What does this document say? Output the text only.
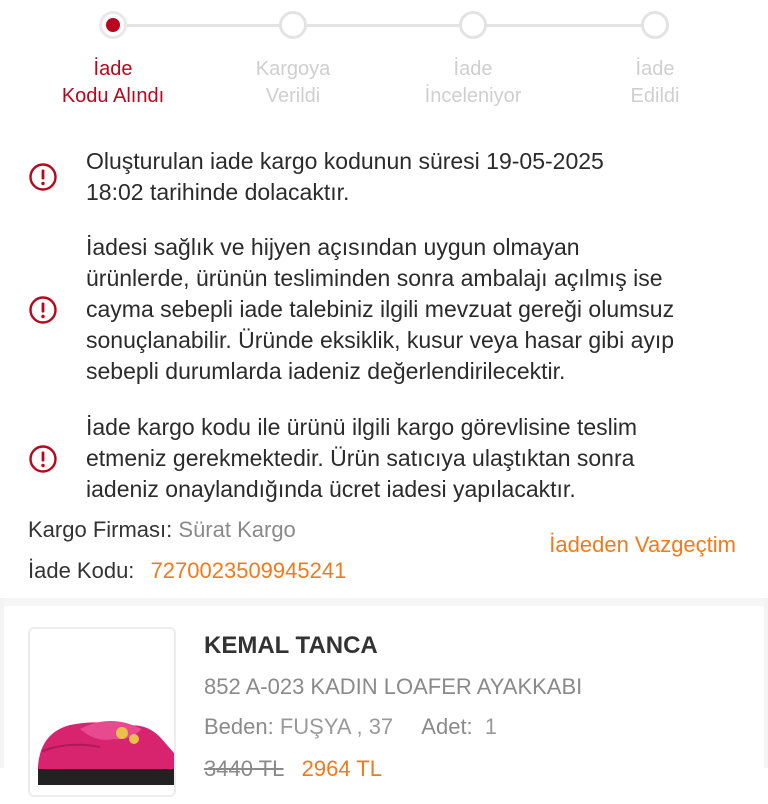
İade
Kodu Alındı
Kargoya
Verildi
İade
İnceleniyor
İade
Edildi
Oluşturulan iade kargo kodunun süresi 19-05-2025
18:02 tarihinde dolacaktır.
İadesi sağlık ve hijyen açısından uygun olmayan
ürünlerde, ürünün tesliminden sonra ambalajı açılmış ise
cayma sebepli iade talebiniz ilgili mevzuat gereği olumsuz
sonuçlanabilir. Üründe eksiklik, kusur veya hasar gibi ayıp
sebepli durumlarda iadeniz değerlendirilecektir.
İade kargo kodu ile ürünü ilgili kargo görevlisine teslim
etmeniz gerekmektedir. Ürün satıcıya ulaştıktan sonra
iadeniz onaylandığında ücret iadesi yapılacaktır.
Kargo Firması: Sürat Kargo
İade Kodu: 7270023509945241
İadeden Vazgeçtim
KEMAL TANCA
852 A-023 KADIN LOAFER AYAKKABI
Beden: FUŞYA , 37 Adet: 1
3440 TL 2964 TL
